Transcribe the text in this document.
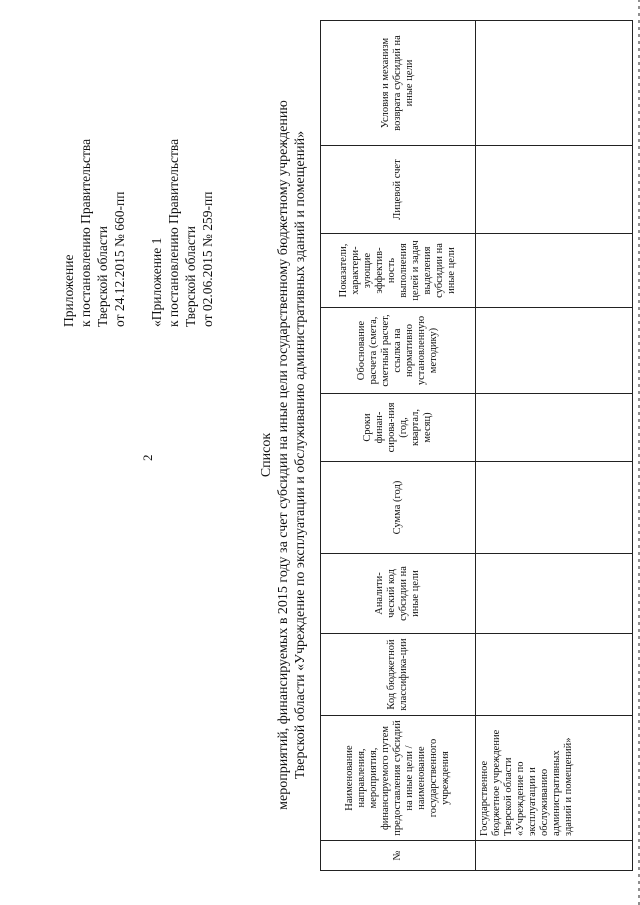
2
Приложение к постановлению Правительства Тверской области от 24.12.2015 № 660-пп «Приложение 1 к постановлению Правительства Тверской области от 02.06.2015 № 259-пп
Список мероприятий, финансируемых в 2015 году за счет субсидии на иные цели государственному бюджетному учреждению Тверской области «Учреждение по эксплуатации и обслуживанию административных зданий и помещений»
№	Наименование направления, мероприятия, финансируемого путем предоставления субсидий на иные цели / наименование государственного учреждения	Код бюджетной классифика-ции	Аналити-ческий код субсидии на иные цели	Сумма (год)	Сроки финан-сирова-ния (год, квартал, месяц)	Обоснование расчета (смета, сметный расчет, ссылка на нормативно установленную методику)	Показатели, характери-зующие эффектив-ность выполнения целей и задач выделения субсидии на иные цели	Лицевой счет	Условия и механизм возврата субсидий на иные цели
	Государственное бюджетное учреждение Тверской области «Учреждение по эксплуатации и обслуживанию административных зданий и помещений»								
